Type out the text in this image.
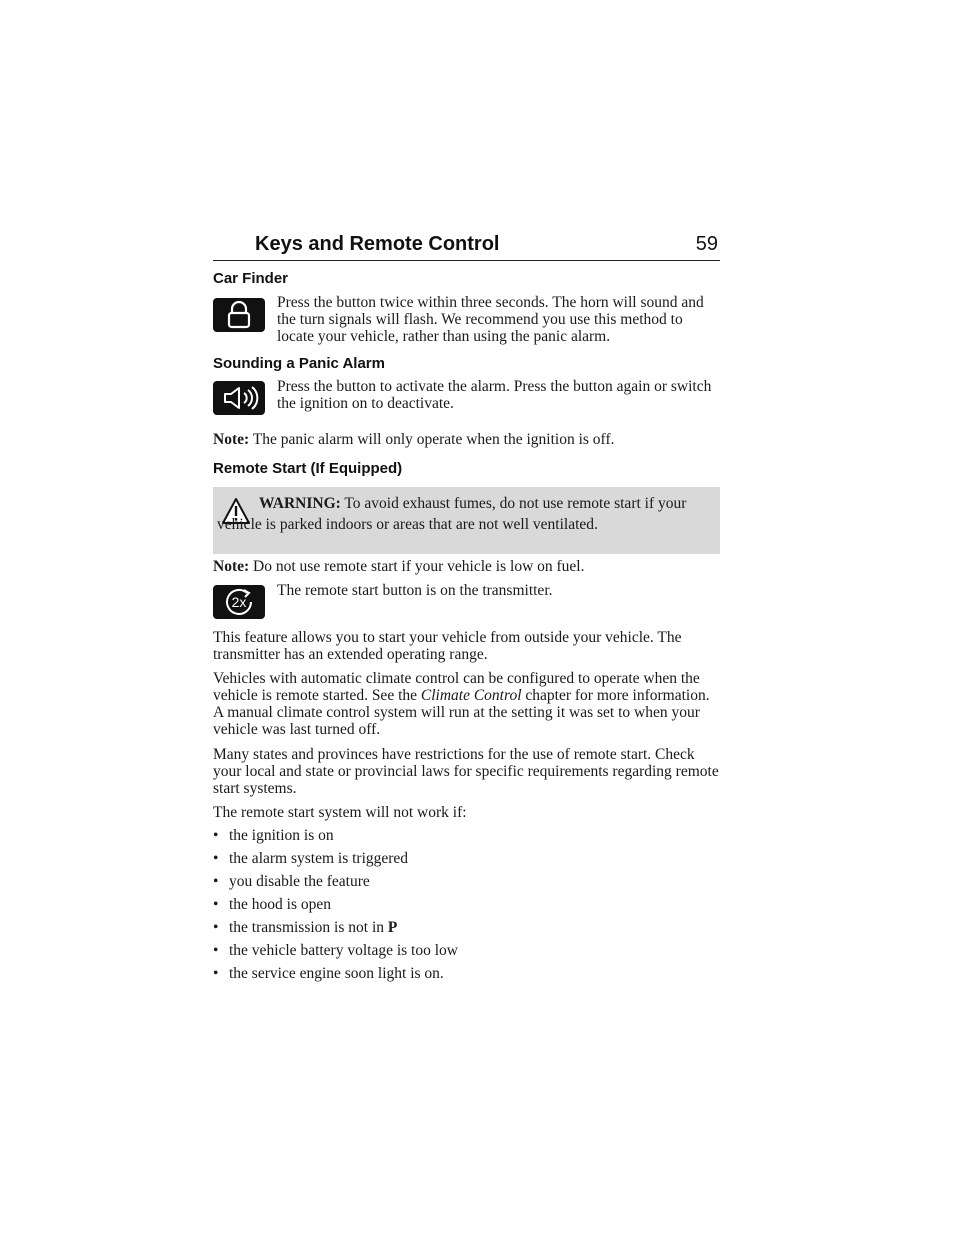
Keys and Remote Control	59
Car Finder
Press the button twice within three seconds. The horn will sound and the turn signals will flash. We recommend you use this method to locate your vehicle, rather than using the panic alarm.
Sounding a Panic Alarm
Press the button to activate the alarm. Press the button again or switch the ignition on to deactivate.
Note: The panic alarm will only operate when the ignition is off.
Remote Start (If Equipped)
WARNING: To avoid exhaust fumes, do not use remote start if your vehicle is parked indoors or areas that are not well ventilated.
Note: Do not use remote start if your vehicle is low on fuel.
2x
The remote start button is on the transmitter.
This feature allows you to start your vehicle from outside your vehicle. The transmitter has an extended operating range.
Vehicles with automatic climate control can be configured to operate when the vehicle is remote started. See the Climate Control chapter for more information. A manual climate control system will run at the setting it was set to when your vehicle was last turned off.
Many states and provinces have restrictions for the use of remote start. Check your local and state or provincial laws for specific requirements regarding remote start systems.
The remote start system will not work if:
• the ignition is on
• the alarm system is triggered
• you disable the feature
• the hood is open
• the transmission is not in P
• the vehicle battery voltage is too low
• the service engine soon light is on.
